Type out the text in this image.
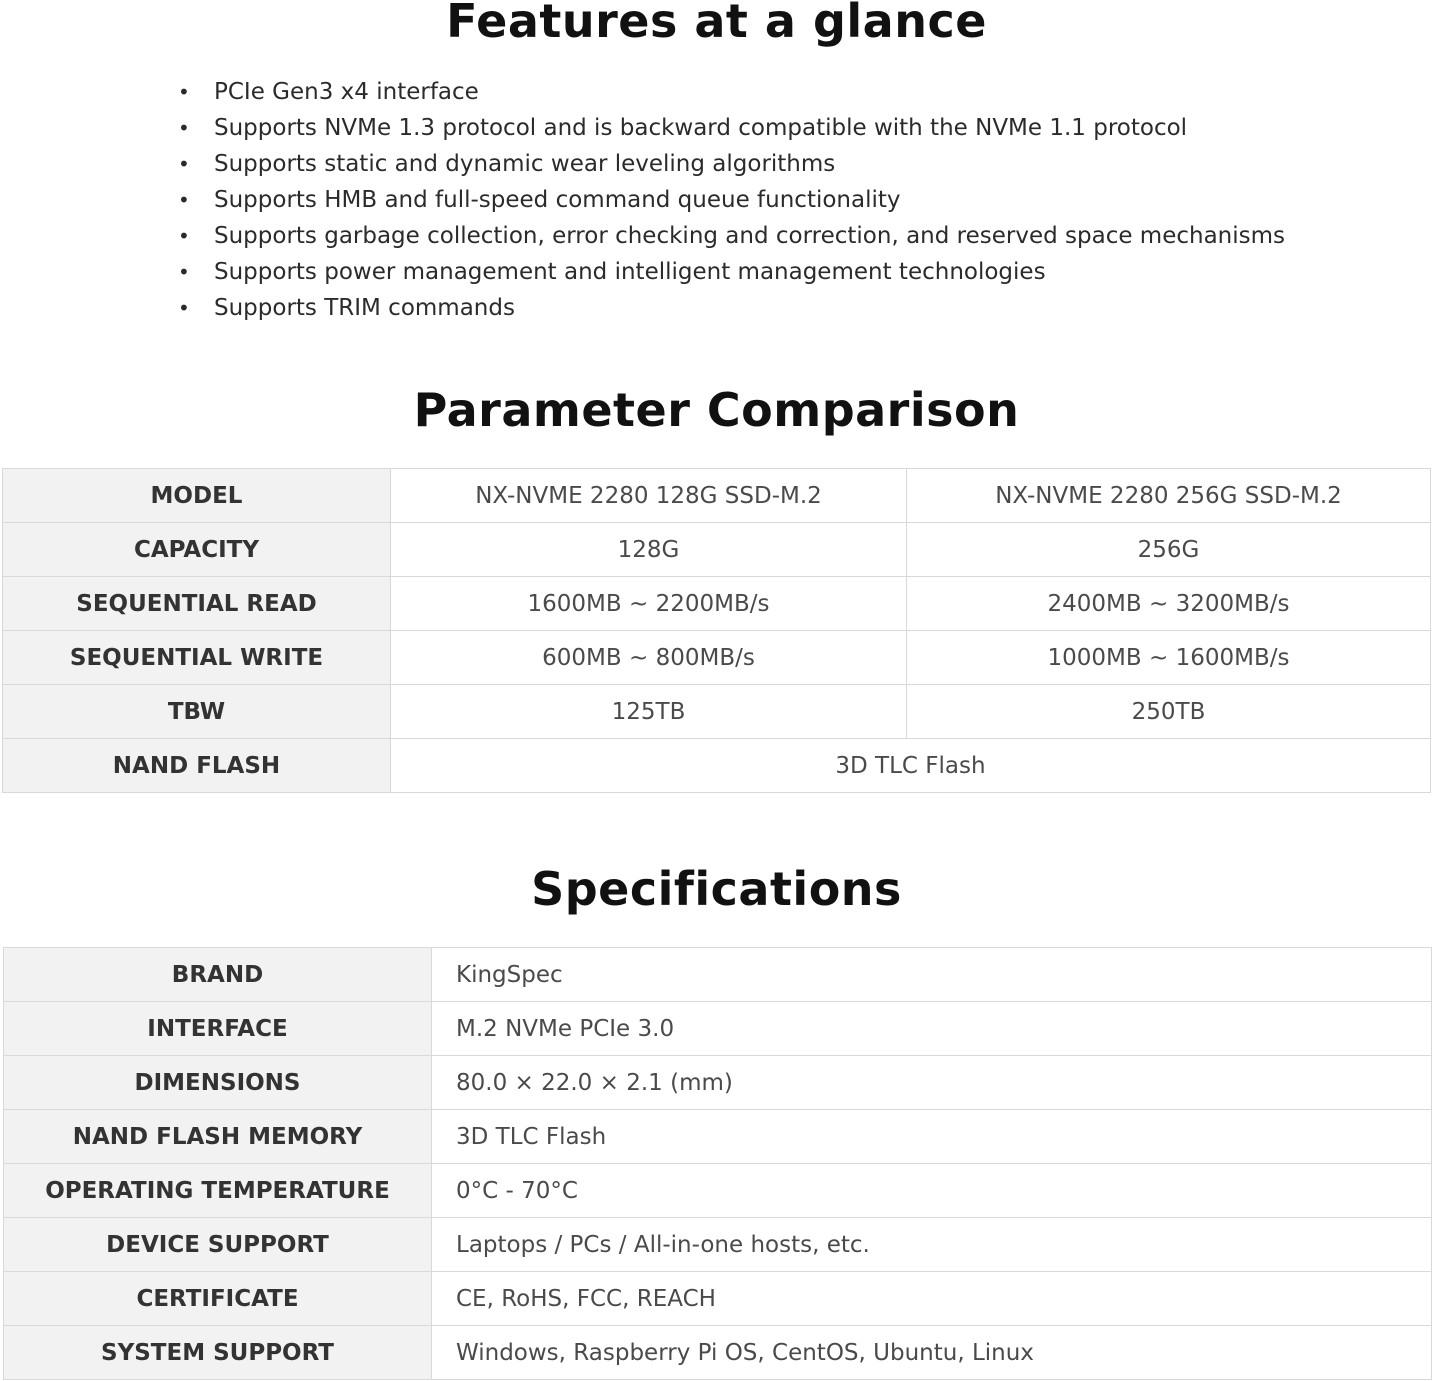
Features at a glance
• PCIe Gen3 x4 interface
• Supports NVMe 1.3 protocol and is backward compatible with the NVMe 1.1 protocol
• Supports static and dynamic wear leveling algorithms
• Supports HMB and full-speed command queue functionality
• Supports garbage collection, error checking and correction, and reserved space mechanisms
• Supports power management and intelligent management technologies
• Supports TRIM commands
Parameter Comparison
MODEL	NX-NVME 2280 128G SSD-M.2	NX-NVME 2280 256G SSD-M.2
CAPACITY	128G	256G
SEQUENTIAL READ	1600MB ~ 2200MB/s	2400MB ~ 3200MB/s
SEQUENTIAL WRITE	600MB ~ 800MB/s	1000MB ~ 1600MB/s
TBW	125TB	250TB
NAND FLASH	3D TLC Flash	
Specifications
BRAND	KingSpec
INTERFACE	M.2 NVMe PCIe 3.0
DIMENSIONS	80.0 × 22.0 × 2.1 (mm)
NAND FLASH MEMORY	3D TLC Flash
OPERATING TEMPERATURE	0°C - 70°C
DEVICE SUPPORT	Laptops / PCs / All-in-one hosts, etc.
CERTIFICATE	CE, RoHS, FCC, REACH
SYSTEM SUPPORT	Windows, Raspberry Pi OS, CentOS, Ubuntu, Linux
